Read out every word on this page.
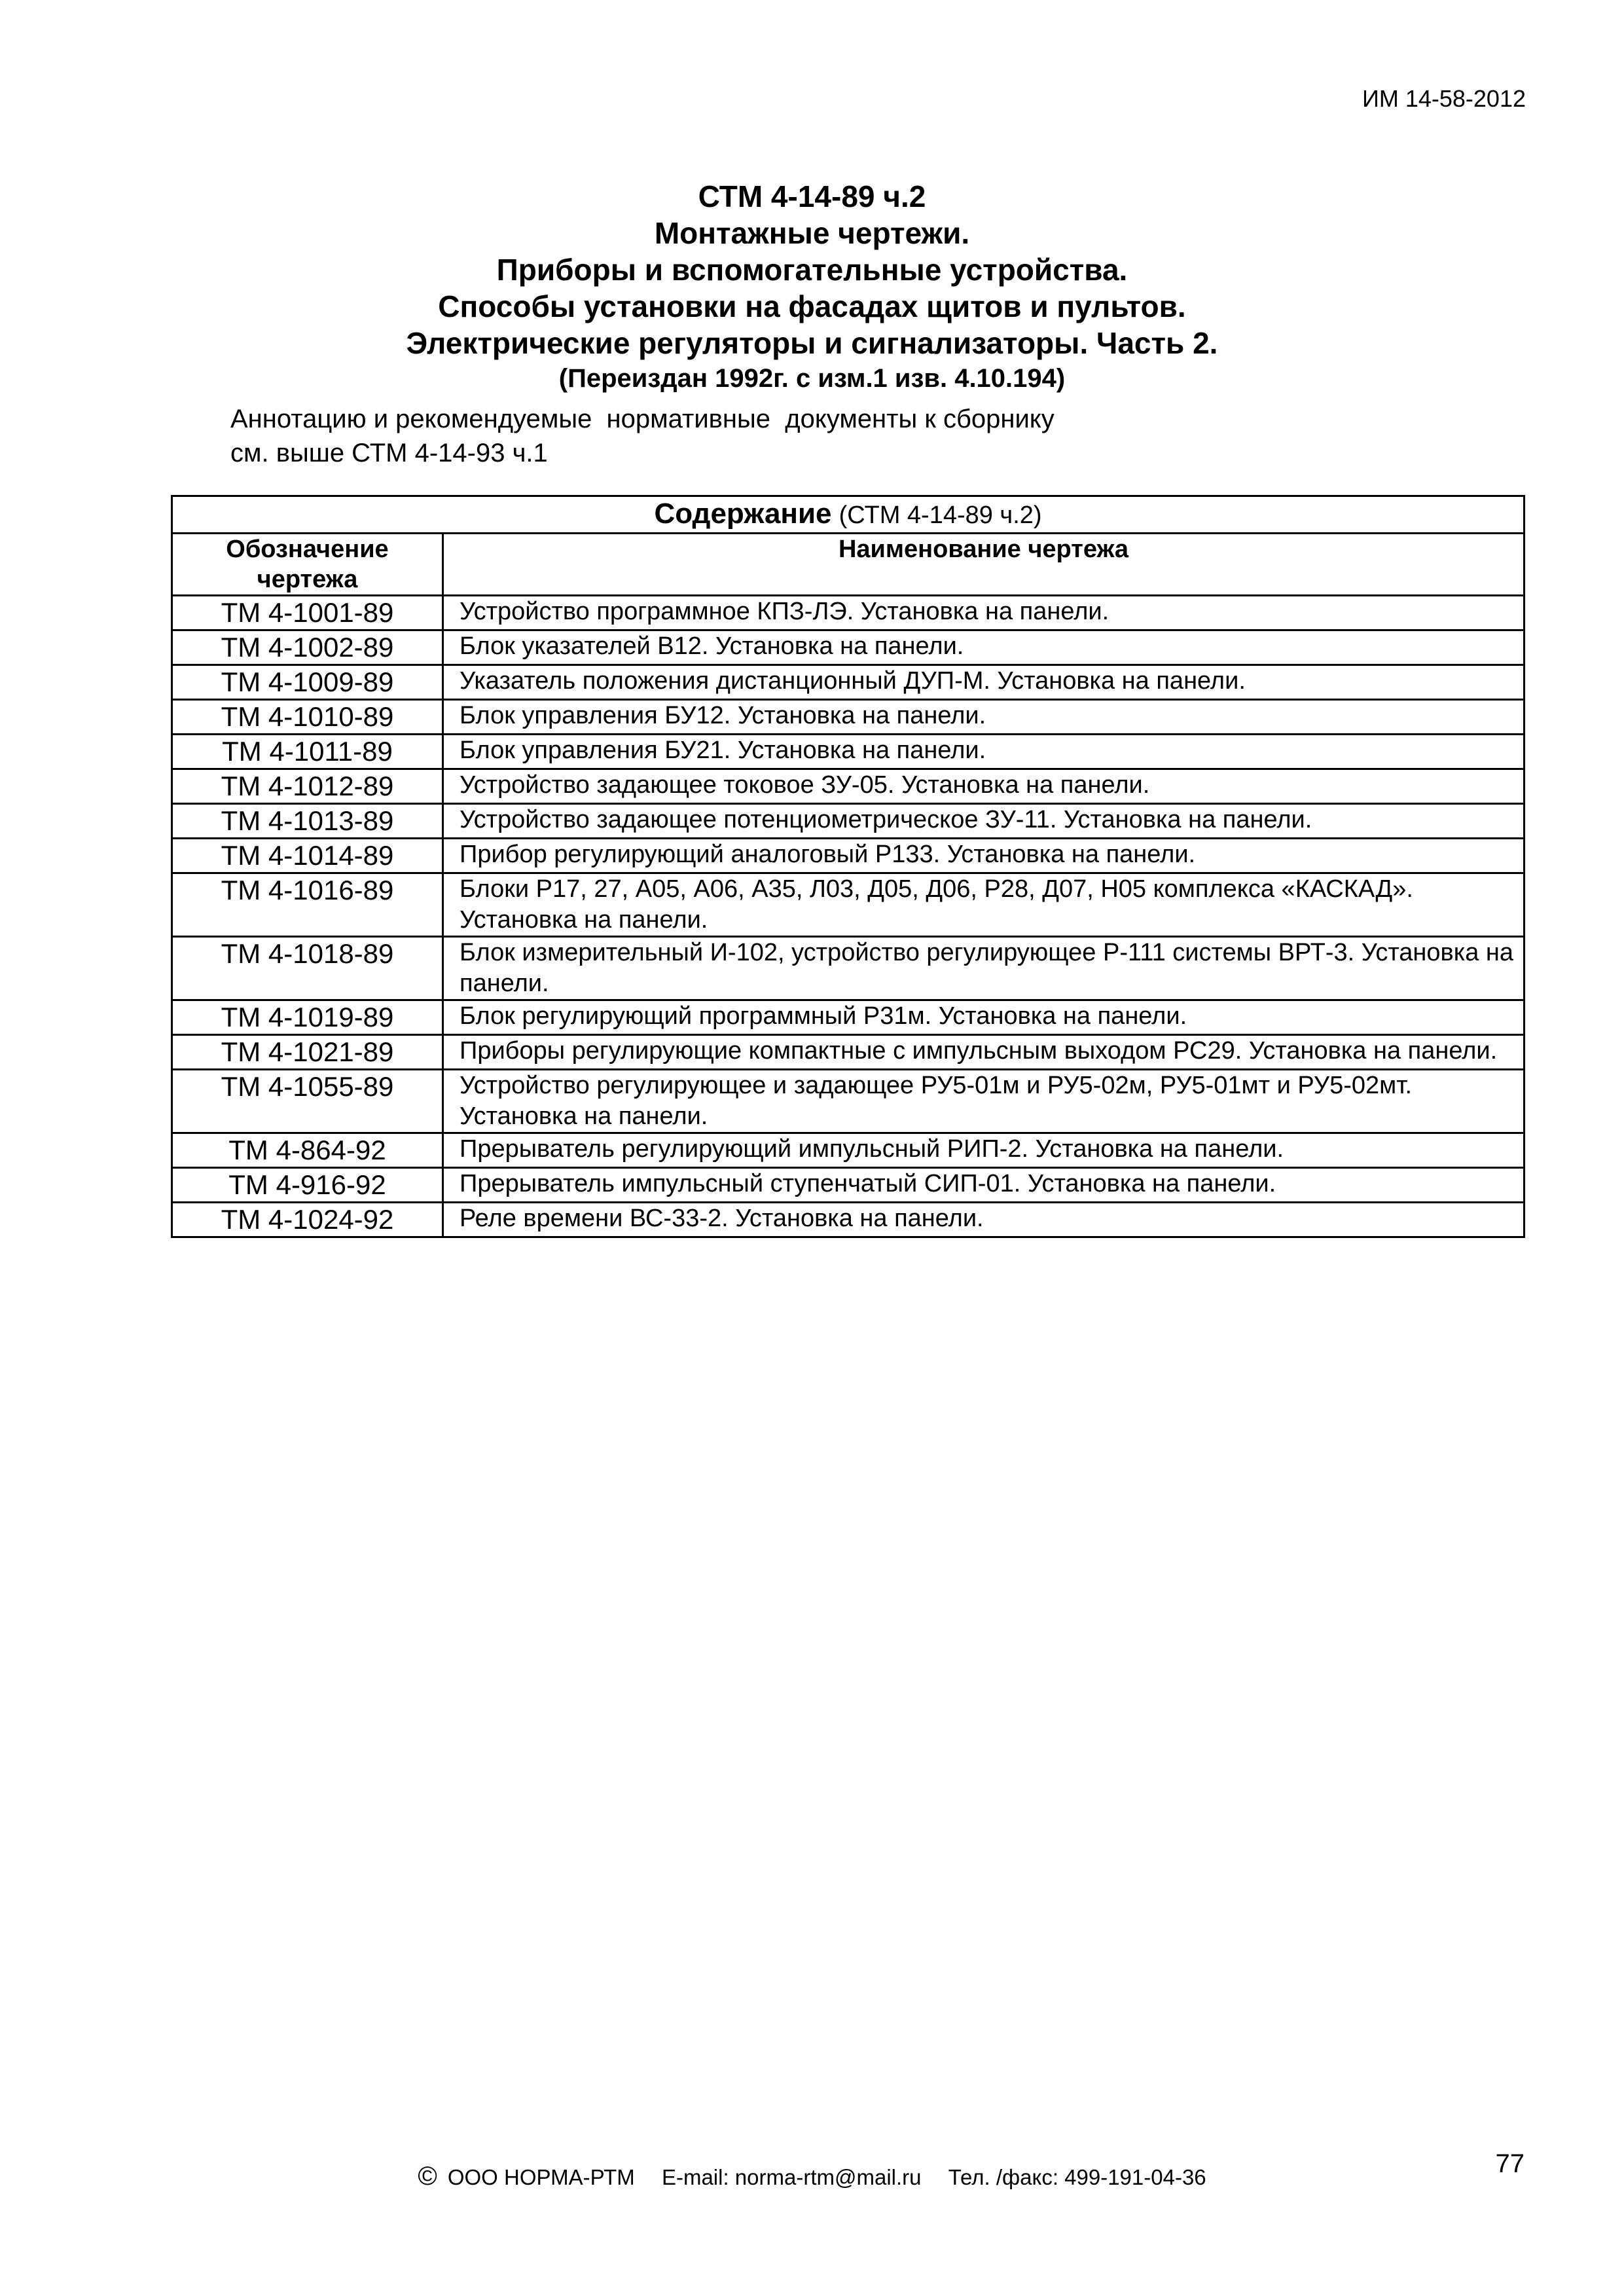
ИМ 14-58-2012
СТМ 4-14-89 ч.2
Монтажные чертежи.
Приборы и вспомогательные устройства.
Способы установки на фасадах щитов и пультов.
Электрические регуляторы и сигнализаторы. Часть 2.
(Переиздан 1992г. с изм.1 изв. 4.10.194)
Аннотацию и рекомендуемые  нормативные  документы к сборнику
см. выше СТМ 4-14-93 ч.1
Содержание (СТМ 4-14-89 ч.2)	
Обозначение чертежа	Наименование чертежа
ТМ 4-1001-89	Устройство программное КПЗ-ЛЭ. Установка на панели.
ТМ 4-1002-89	Блок указателей В12. Установка на панели.
ТМ 4-1009-89	Указатель положения дистанционный ДУП-М. Установка на панели.
ТМ 4-1010-89	Блок управления БУ12. Установка на панели.
ТМ 4-1011-89	Блок управления БУ21. Установка на панели.
ТМ 4-1012-89	Устройство задающее токовое ЗУ-05. Установка на панели.
ТМ 4-1013-89	Устройство задающее потенциометрическое ЗУ-11. Установка на панели.
ТМ 4-1014-89	Прибор регулирующий аналоговый Р133. Установка на панели.
ТМ 4-1016-89	Блоки Р17, 27, А05, А06, А35, Л03, Д05, Д06, Р28, Д07, Н05 комплекса «КАСКАД». Установка на панели.
ТМ 4-1018-89	Блок измерительный И-102, устройство регулирующее Р-111 системы ВРТ-3. Установка на панели.
ТМ 4-1019-89	Блок регулирующий программный Р31м. Установка на панели.
ТМ 4-1021-89	Приборы регулирующие компактные с импульсным выходом РС29. Установка на панели.
ТМ 4-1055-89	Устройство регулирующее и задающее РУ5-01м и РУ5-02м, РУ5-01мт и РУ5-02мт. Установка на панели.
ТМ 4-864-92	Прерыватель регулирующий импульсный РИП-2. Установка на панели.
ТМ 4-916-92	Прерыватель импульсный ступенчатый СИП-01. Установка на панели.
ТМ 4-1024-92	Реле времени ВС-33-2. Установка на панели.
© ООО НОРМА-РТМ E-mail: norma-rtm@mail.ru Тел. /факс: 499-191-04-36	77
